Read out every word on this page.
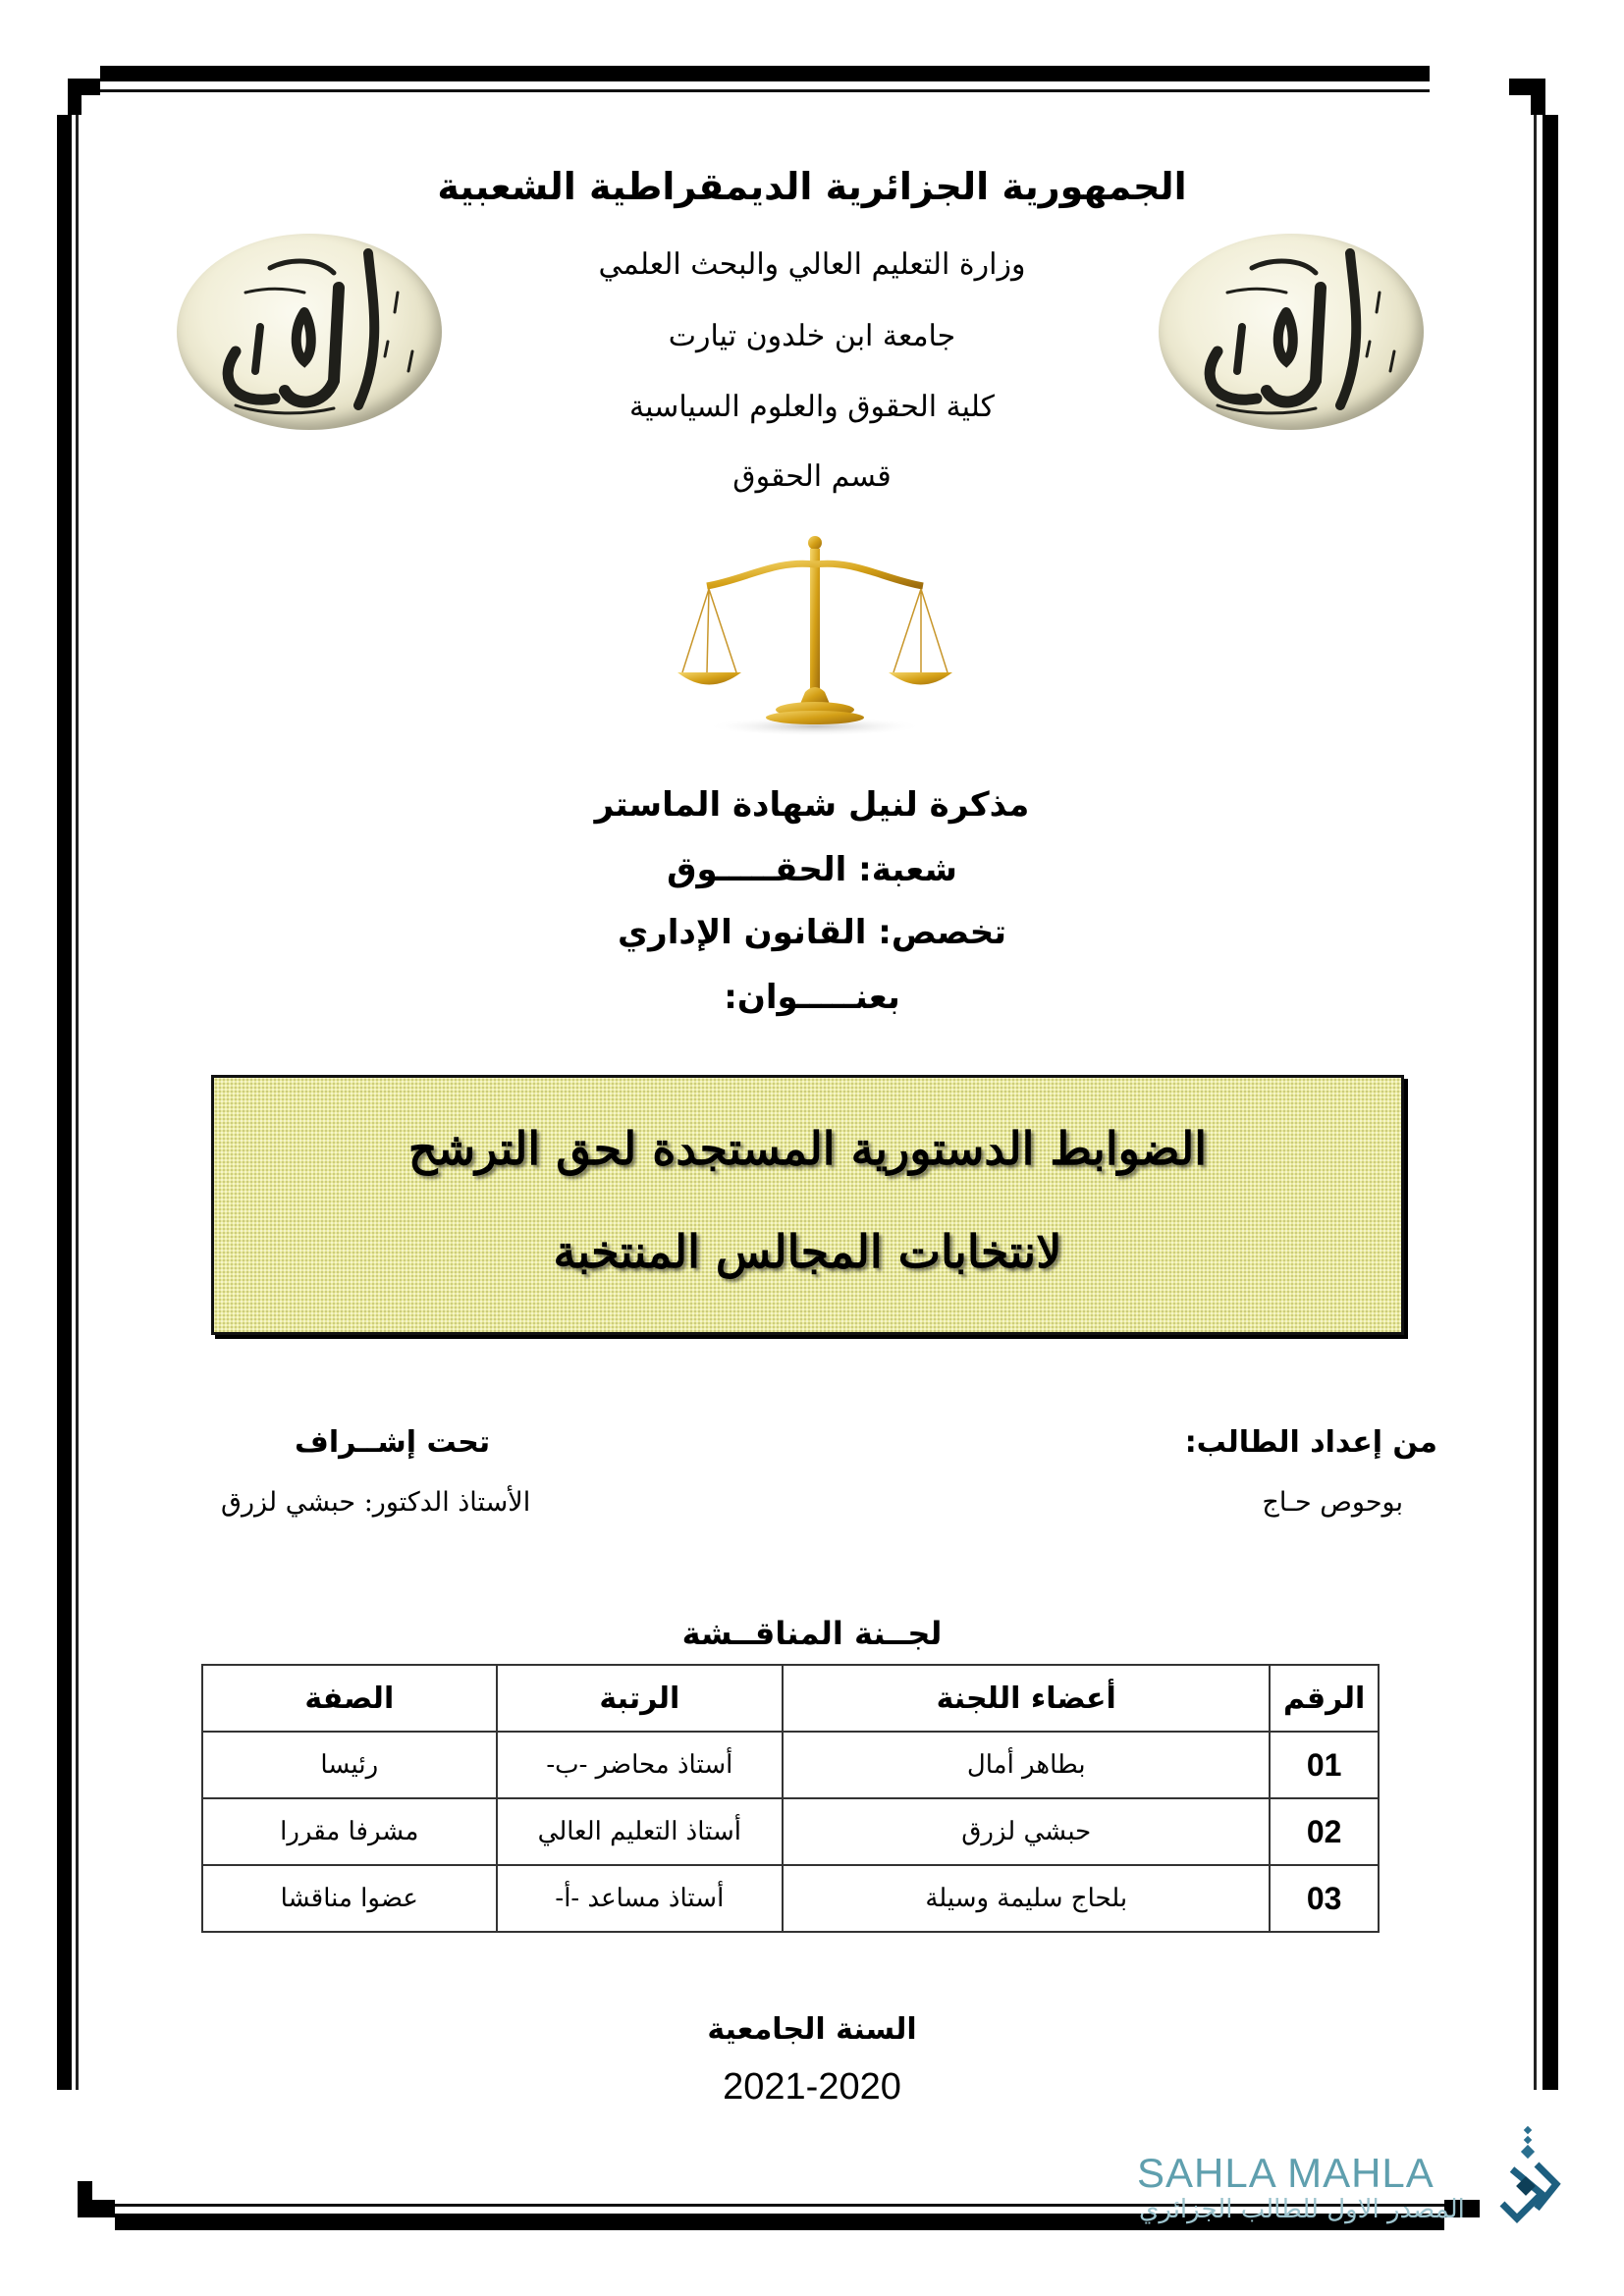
الجمهورية الجزائرية الديمقراطية الشعبية
وزارة التعليم العالي والبحث العلمي
جامعة ابن خلدون تيارت
كلية الحقوق والعلوم السياسية
قسم الحقوق
مذكرة لنيل شهادة الماستر
شعبة: الحقـــــوق
تخصص: القانون الإداري
بعنـــــوان:
الضوابط الدستورية المستجدة لحق الترشح
لانتخابات المجالس المنتخبة
من إعداد الطالب:
بوحوص حـاج
تحت إشــراف
الأستاذ الدكتور: حبشي لزرق
لجــنة المناقــشة
الرقم	أعضاء اللجنة	الرتبة	الصفة
01	بطاهر أمال	أستاذ محاضر -ب-	رئيسا
02	حبشي لزرق	أستاذ التعليم العالي	مشرفا مقررا
03	بلحاج سليمة وسيلة	أستاذ مساعد -أ-	عضوا مناقشا
السنة الجامعية
2021-2020
SAHLA MAHLA
المصدر الاول للطالب الجزائري
